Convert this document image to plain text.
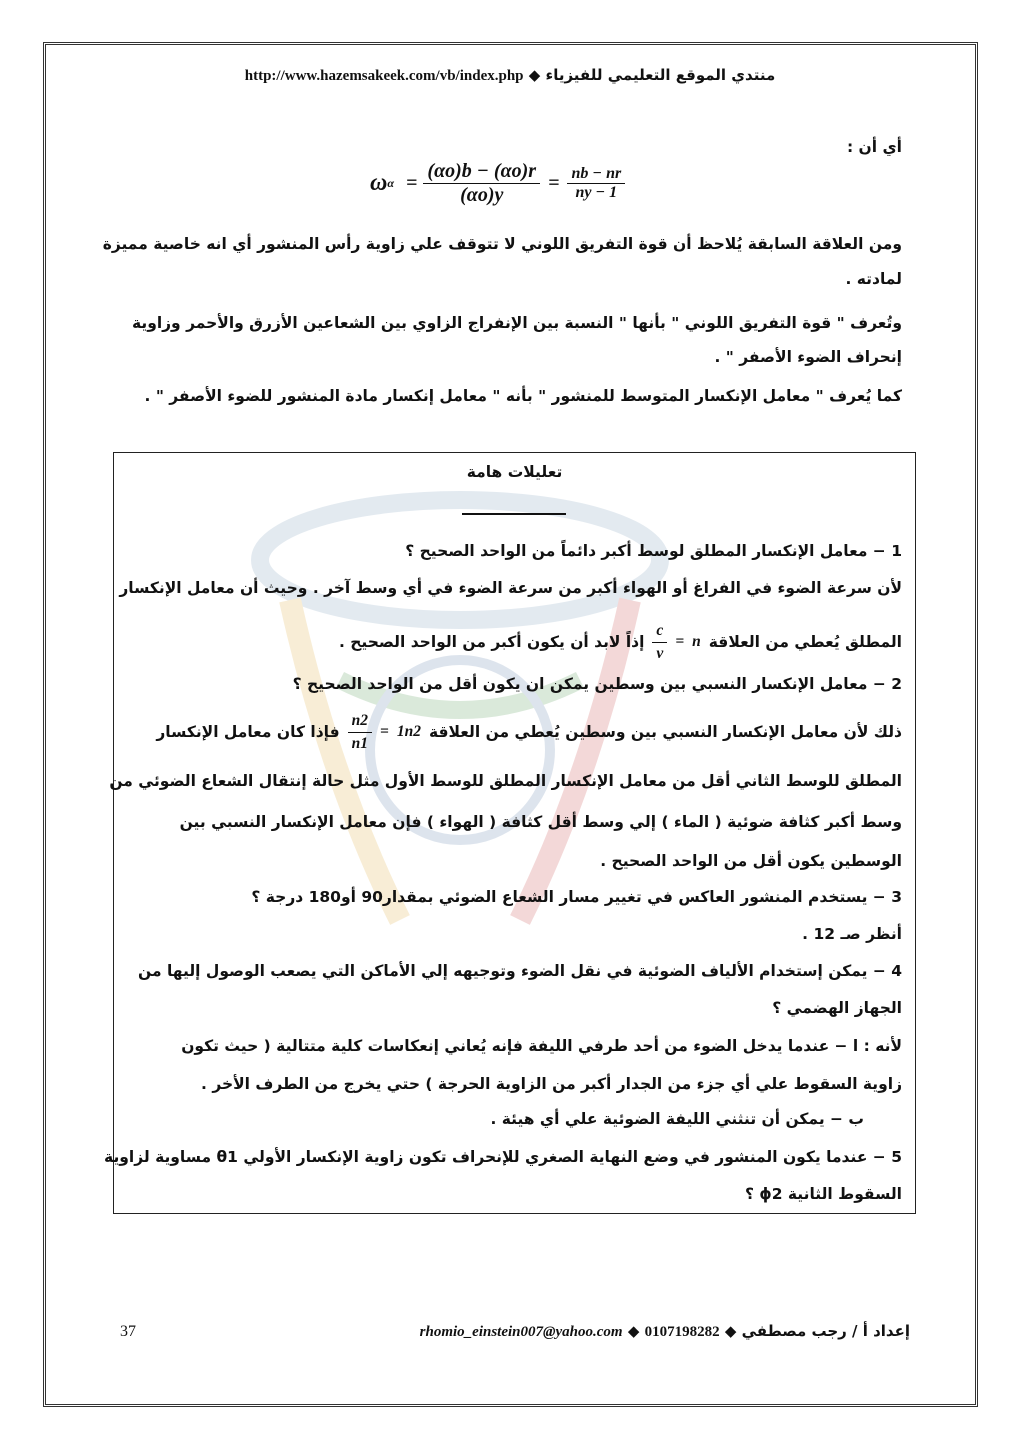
http://www.hazemsakeek.com/vb/index.php ◆ منتدي الموقع التعليمي للفيزياء
أي أن :
ω $\alpha = \frac{(\alpha o)b - (\alpha o)r}{(\alpha o)y} = \frac{nb - nr}{ny - 1}$
ومن العلاقة السابقة يُلاحظ أن قوة التفريق اللوني لا تتوقف علي زاوية رأس المنشور أي انه خاصية مميزة
لمادته .
وتُعرف " قوة التفريق اللوني " بأنها " النسبة بين الإنفراج الزاوي بين الشعاعين الأزرق والأحمر وزاوية
إنحراف الضوء الأصفر " .
كما يُعرف " معامل الإنكسار المتوسط للمنشور " بأنه " معامل إنكسار مادة المنشور للضوء الأصفر " .
تعليلات هامة
1 − معامل الإنكسار المطلق لوسط أكبر دائماً من الواحد الصحيح ؟
لأن سرعة الضوء في الفراغ أو الهواء أكبر من سرعة الضوء في أي وسط آخر . وحيث أن معامل الإنكسار
المطلق يُعطي من العلاقة
n
=
$\frac{c}{v}$
إذاً لابد أن يكون أكبر من الواحد الصحيح .
2 − معامل الإنكسار النسبي بين وسطين يمكن ان يكون أقل من الواحد الصحيح ؟
ذلك لأن معامل الإنكسار النسبي بين وسطين يُعطي من العلاقة
1n2
=
$\frac{n2}{n1}$
فإذا كان معامل الإنكسار
المطلق للوسط الثاني أقل من معامل الإنكسار المطلق للوسط الأول مثل حالة إنتقال الشعاع الضوئي من
وسط أكبر كثافة ضوئية ( الماء ) إلي وسط أقل كثافة ( الهواء ) فإن معامل الإنكسار النسبي بين
الوسطين يكون أقل من الواحد الصحيح .
3 − يستخدم المنشور العاكس في تغيير مسار الشعاع الضوئي بمقدار90 أو180 درجة ؟
أنظر صـ 12 .
4 − يمكن إستخدام الألياف الضوئية في نقل الضوء وتوجيهه إلي الأماكن التي يصعب الوصول إليها من
الجهاز الهضمي ؟
لأنه : ا − عندما يدخل الضوء من أحد طرفي الليفة فإنه يُعاني إنعكاسات كلية متتالية ( حيث تكون
زاوية السقوط علي أي جزء من الجدار أكبر من الزاوية الحرجة ) حتي يخرج من الطرف الأخر .
ب − يمكن أن تنثني الليفة الضوئية علي أي هيئة .
5 − عندما يكون المنشور في وضع النهاية الصغري للإنحراف تكون زاوية الإنكسار الأولي θ1 مساوية لزاوية
السقوط الثانية ϕ2 ؟
37	إعداد أ / رجب مصطفي ◆ 0107198282 ◆ rhomio_einstein007@yahoo.com
